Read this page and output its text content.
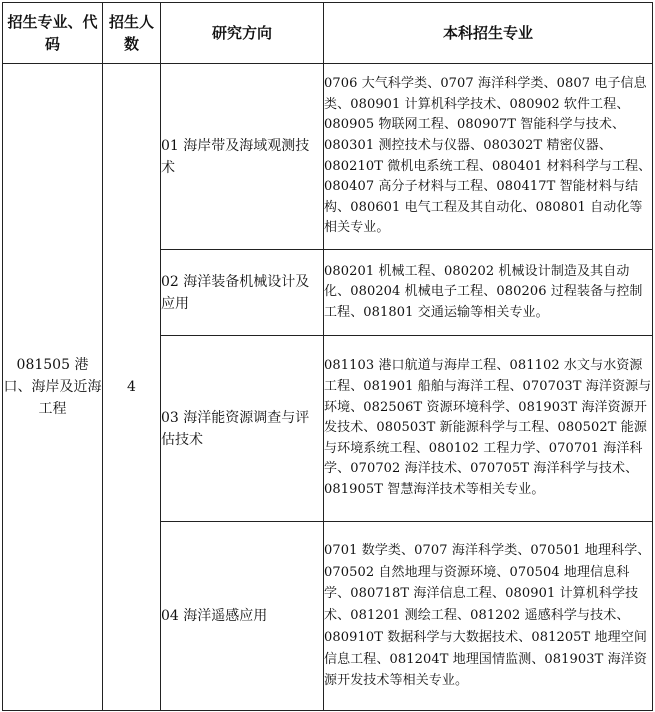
招生专业、代码	招生人数	研究方向	本科招生专业
081505 港口、海岸及近海工程	4	01 海岸带及海域观测技术	0706 大气科学类、0707 海洋科学类、0807 电子信息类、080901 计算机科学技术、080902 软件工程、080905 物联网工程、080907T 智能科学与技术、080301 测控技术与仪器、080302T 精密仪器、080210T 微机电系统工程、080401 材料科学与工程、080407 高分子材料与工程、080417T 智能材料与结构、080601 电气工程及其自动化、080801 自动化等相关专业。
		02 海洋装备机械设计及应用	080201 机械工程、080202 机械设计制造及其自动化、080204 机械电子工程、080206 过程装备与控制工程、081801 交通运输等相关专业。
		03 海洋能资源调查与评估技术	081103 港口航道与海岸工程、081102 水文与水资源工程、081901 船舶与海洋工程、070703T 海洋资源与环境、082506T 资源环境科学、081903T 海洋资源开发技术、080503T 新能源科学与工程、080502T 能源与环境系统工程、080102 工程力学、070701 海洋科学、070702 海洋技术、070705T 海洋科学与技术、081905T 智慧海洋技术等相关专业。
		04 海洋遥感应用	0701 数学类、0707 海洋科学类、070501 地理科学、070502 自然地理与资源环境、070504 地理信息科学、080718T 海洋信息工程、080901 计算机科学技术、081201 测绘工程、081202 遥感科学与技术、080910T 数据科学与大数据技术、081205T 地理空间信息工程、081204T 地理国情监测、081903T 海洋资源开发技术等相关专业。
